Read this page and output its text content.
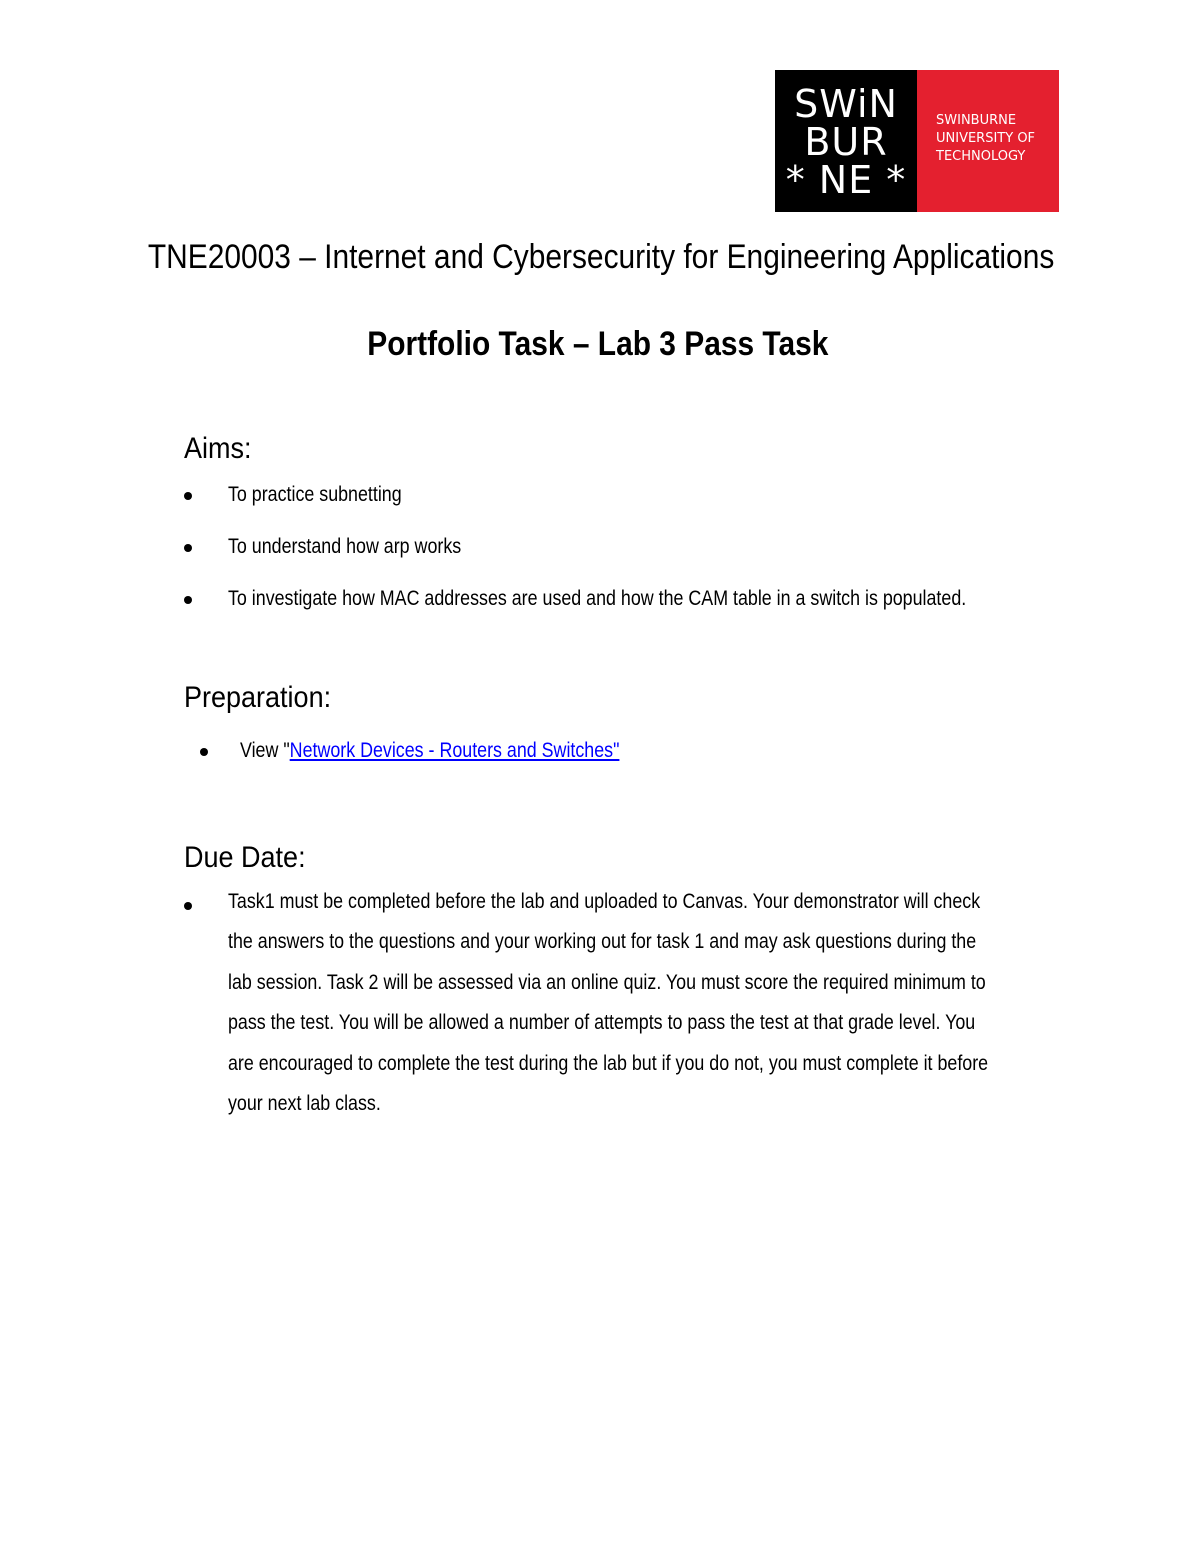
SWiN
BUR
* NE *
SWINBURNE
UNIVERSITY OF
TECHNOLOGY
TNE20003 – Internet and Cybersecurity for Engineering Applications
Portfolio Task – Lab 3 Pass Task
Aims:
To practice subnetting
To understand how arp works
To investigate how MAC addresses are used and how the CAM table in a switch is populated.
Preparation:
View "Network Devices - Routers and Switches"
Due Date:
Task1 must be completed before the lab and uploaded to Canvas. Your demonstrator will check
the answers to the questions and your working out for task 1 and may ask questions during the
lab session. Task 2 will be assessed via an online quiz. You must score the required minimum to
pass the test. You will be allowed a number of attempts to pass the test at that grade level. You
are encouraged to complete the test during the lab but if you do not, you must complete it before
your next lab class.
